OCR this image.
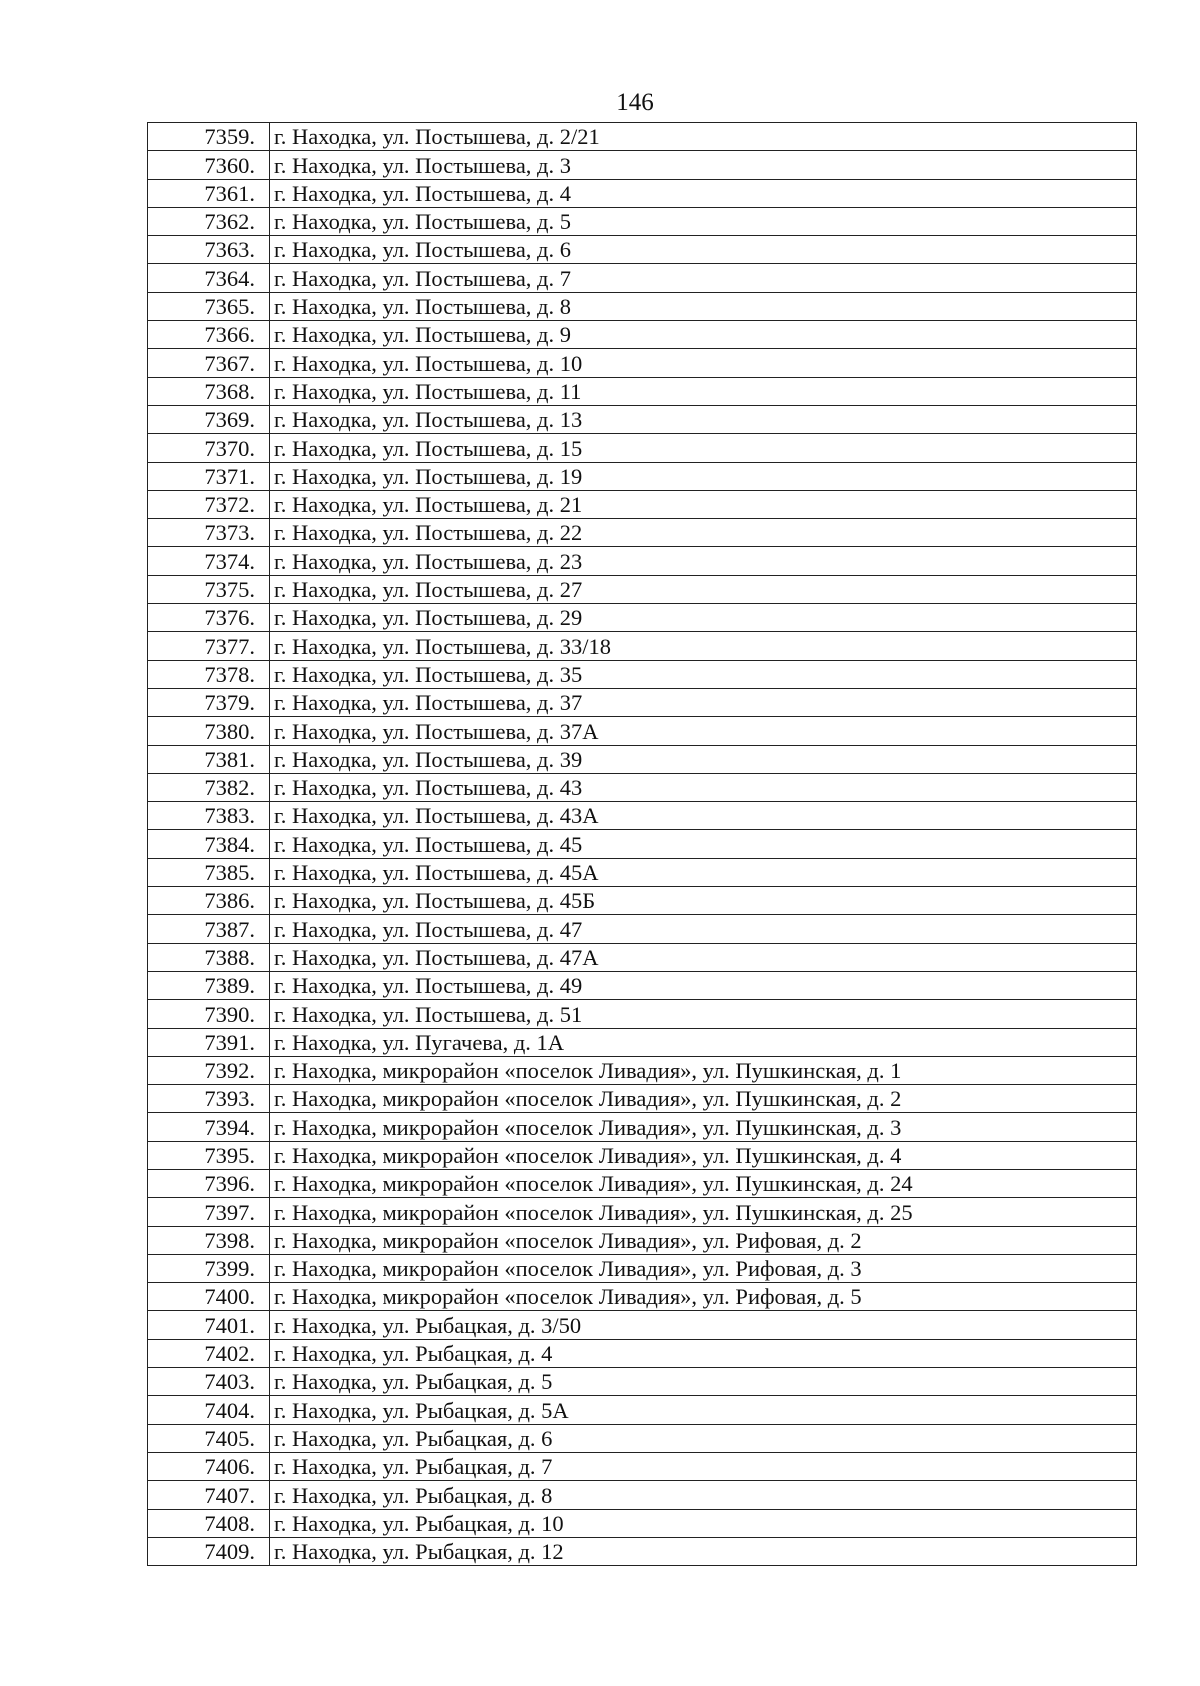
146
7359.	г. Находка, ул. Постышева, д. 2/21
7360.	г. Находка, ул. Постышева, д. 3
7361.	г. Находка, ул. Постышева, д. 4
7362.	г. Находка, ул. Постышева, д. 5
7363.	г. Находка, ул. Постышева, д. 6
7364.	г. Находка, ул. Постышева, д. 7
7365.	г. Находка, ул. Постышева, д. 8
7366.	г. Находка, ул. Постышева, д. 9
7367.	г. Находка, ул. Постышева, д. 10
7368.	г. Находка, ул. Постышева, д. 11
7369.	г. Находка, ул. Постышева, д. 13
7370.	г. Находка, ул. Постышева, д. 15
7371.	г. Находка, ул. Постышева, д. 19
7372.	г. Находка, ул. Постышева, д. 21
7373.	г. Находка, ул. Постышева, д. 22
7374.	г. Находка, ул. Постышева, д. 23
7375.	г. Находка, ул. Постышева, д. 27
7376.	г. Находка, ул. Постышева, д. 29
7377.	г. Находка, ул. Постышева, д. 33/18
7378.	г. Находка, ул. Постышева, д. 35
7379.	г. Находка, ул. Постышева, д. 37
7380.	г. Находка, ул. Постышева, д. 37А
7381.	г. Находка, ул. Постышева, д. 39
7382.	г. Находка, ул. Постышева, д. 43
7383.	г. Находка, ул. Постышева, д. 43А
7384.	г. Находка, ул. Постышева, д. 45
7385.	г. Находка, ул. Постышева, д. 45А
7386.	г. Находка, ул. Постышева, д. 45Б
7387.	г. Находка, ул. Постышева, д. 47
7388.	г. Находка, ул. Постышева, д. 47А
7389.	г. Находка, ул. Постышева, д. 49
7390.	г. Находка, ул. Постышева, д. 51
7391.	г. Находка, ул. Пугачева, д. 1А
7392.	г. Находка, микрорайон «поселок Ливадия», ул. Пушкинская, д. 1
7393.	г. Находка, микрорайон «поселок Ливадия», ул. Пушкинская, д. 2
7394.	г. Находка, микрорайон «поселок Ливадия», ул. Пушкинская, д. 3
7395.	г. Находка, микрорайон «поселок Ливадия», ул. Пушкинская, д. 4
7396.	г. Находка, микрорайон «поселок Ливадия», ул. Пушкинская, д. 24
7397.	г. Находка, микрорайон «поселок Ливадия», ул. Пушкинская, д. 25
7398.	г. Находка, микрорайон «поселок Ливадия», ул. Рифовая, д. 2
7399.	г. Находка, микрорайон «поселок Ливадия», ул. Рифовая, д. 3
7400.	г. Находка, микрорайон «поселок Ливадия», ул. Рифовая, д. 5
7401.	г. Находка, ул. Рыбацкая, д. 3/50
7402.	г. Находка, ул. Рыбацкая, д. 4
7403.	г. Находка, ул. Рыбацкая, д. 5
7404.	г. Находка, ул. Рыбацкая, д. 5А
7405.	г. Находка, ул. Рыбацкая, д. 6
7406.	г. Находка, ул. Рыбацкая, д. 7
7407.	г. Находка, ул. Рыбацкая, д. 8
7408.	г. Находка, ул. Рыбацкая, д. 10
7409.	г. Находка, ул. Рыбацкая, д. 12
